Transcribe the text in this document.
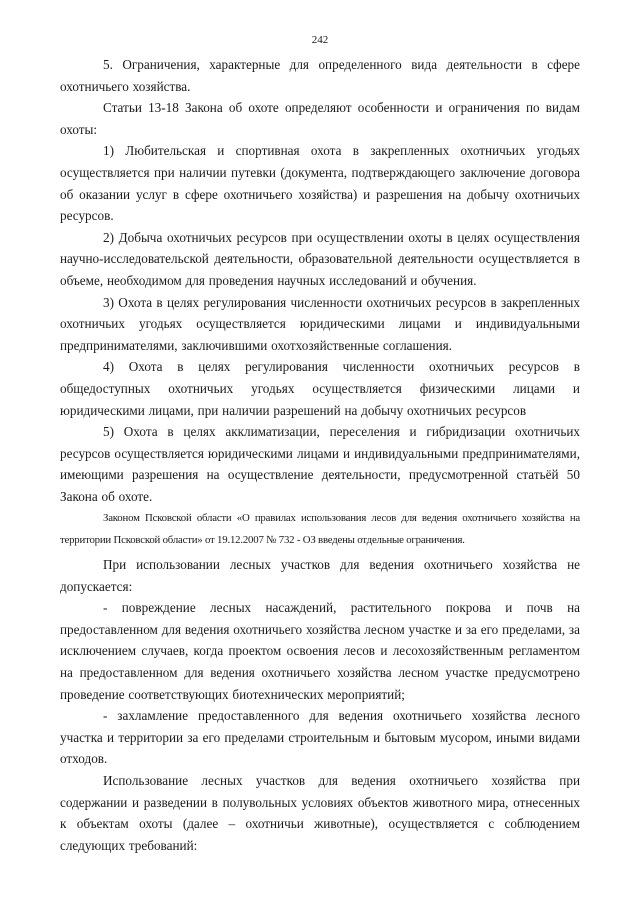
242

5. Ограничения, характерные для определенного вида деятельности в сфере охотничьего хозяйства.

Статьи 13-18 Закона об охоте определяют особенности и ограничения по видам охоты:

1) Любительская и спортивная охота в закрепленных охотничьих угодьях осуществляется при наличии путевки (документа, подтверждающего заключение договора об оказании услуг в сфере охотничьего хозяйства) и разрешения на добычу охотничьих ресурсов.

2) Добыча охотничьих ресурсов при осуществлении охоты в целях осуществления научно-исследовательской деятельности, образовательной деятельности осуществляется в объеме, необходимом для проведения научных исследований и обучения.

3) Охота в целях регулирования численности охотничьих ресурсов в закрепленных охотничьих угодьях осуществляется юридическими лицами и индивидуальными предпринимателями, заключившими охотхозяйственные соглашения.

4) Охота в целях регулирования численности охотничьих ресурсов в общедоступных охотничьих угодьях осуществляется физическими лицами и юридическими лицами, при наличии разрешений на добычу охотничьих ресурсов

5) Охота в целях акклиматизации, переселения и гибридизации охотничьих ресурсов осуществляется юридическими лицами и индивидуальными предпринимателями, имеющими разрешения на осуществление деятельности, предусмотренной статьёй 50 Закона об охоте.

Законом Псковской области «О правилах использования лесов для ведения охотничьего хозяйства на территории Псковской области» от 19.12.2007 № 732 - ОЗ введены отдельные ограничения.

При использовании лесных участков для ведения охотничьего хозяйства не допускается:

- повреждение лесных насаждений, растительного покрова и почв на предоставленном для ведения охотничьего хозяйства лесном участке и за его пределами, за исключением случаев, когда проектом освоения лесов и лесохозяйственным регламентом на предоставленном для ведения охотничьего хозяйства лесном участке предусмотрено проведение соответствующих биотехнических мероприятий;

- захламление предоставленного для ведения охотничьего хозяйства лесного участка и территории за его пределами строительным и бытовым мусором, иными видами отходов.

Использование лесных участков для ведения охотничьего хозяйства при содержании и разведении в полувольных условиях объектов животного мира, отнесенных к объектам охоты (далее – охотничьи животные), осуществляется с соблюдением следующих требований:
